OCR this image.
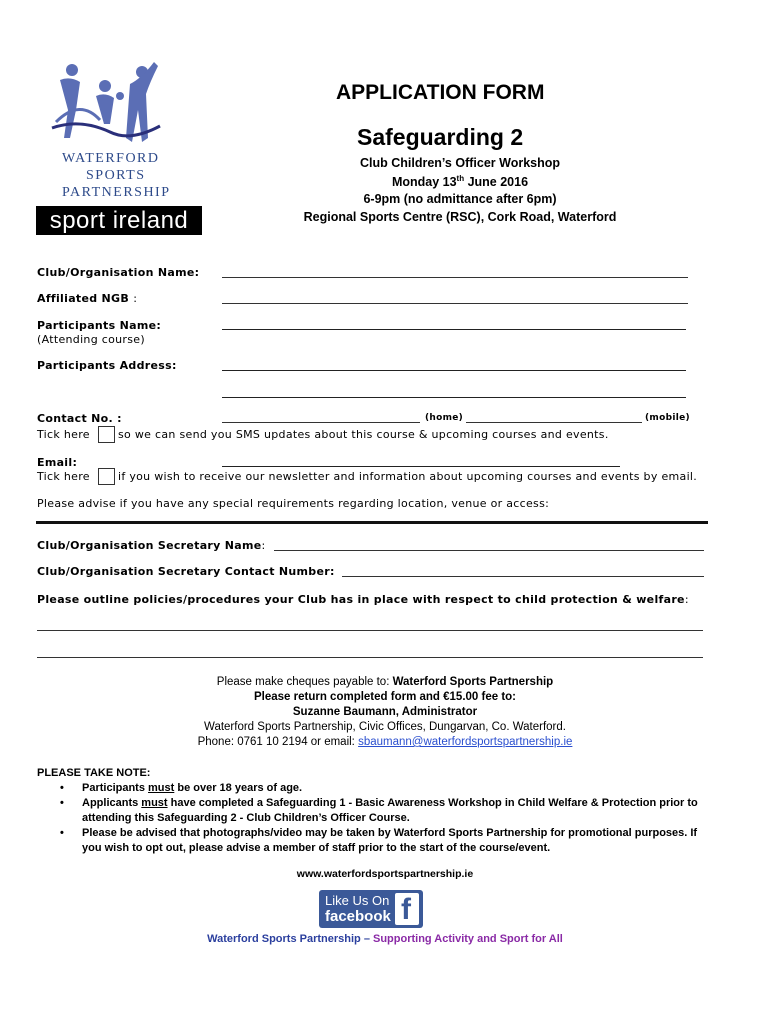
WATERFORD
SPORTS
PARTNERSHIP
sport ireland
APPLICATION FORM
Safeguarding 2
Club Children’s Officer Workshop
Monday 13th June 2016
6-9pm (no admittance after 6pm)
Regional Sports Centre (RSC), Cork Road, Waterford
Club/Organisation Name:
Affiliated NGB :
Participants Name:
(Attending course)
Participants Address:
Contact No. :	(home)	(mobile)
Tick here	so we can send you SMS updates about this course & upcoming courses and events.
Email:
Tick here	if you wish to receive our newsletter and information about upcoming courses and events by email.
Please advise if you have any special requirements regarding location, venue or access:
Club/Organisation Secretary Name:
Club/Organisation Secretary Contact Number:
Please outline policies/procedures your Club has in place with respect to child protection & welfare:
Please make cheques payable to: Waterford Sports Partnership
Please return completed form and €15.00 fee to:
Suzanne Baumann, Administrator
Waterford Sports Partnership, Civic Offices, Dungarvan, Co. Waterford.
Phone: 0761 10 2194 or email: sbaumann@waterfordsportspartnership.ie
PLEASE TAKE NOTE:
• Participants must be over 18 years of age.
• Applicants must have completed a Safeguarding 1 - Basic Awareness Workshop in Child Welfare & Protection prior to attending this Safeguarding 2 - Club Children’s Officer Course.
• Please be advised that photographs/video may be taken by Waterford Sports Partnership for promotional purposes. If you wish to opt out, please advise a member of staff prior to the start of the course/event.
www.waterfordsportspartnership.ie
Like Us On
facebook f
Waterford Sports Partnership – Supporting Activity and Sport for All
